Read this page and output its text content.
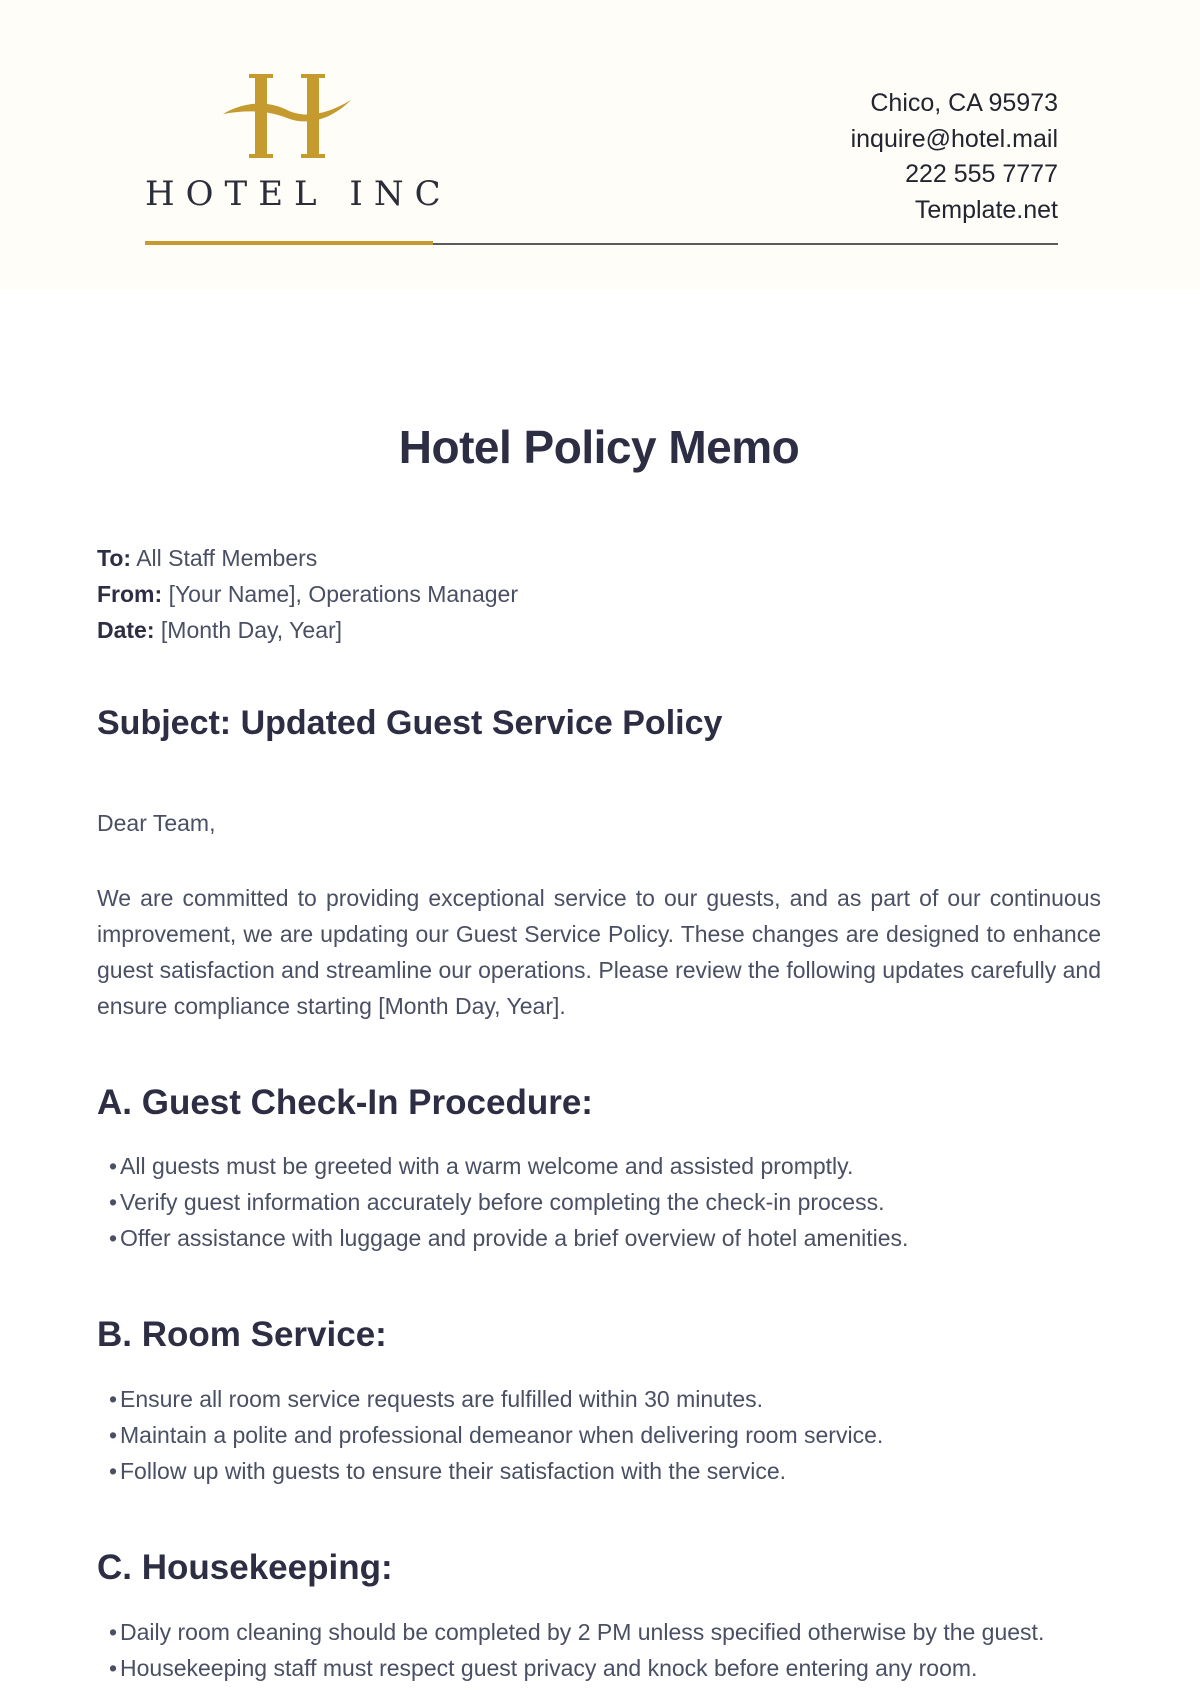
HOTEL INC
Chico, CA 95973
inquire@hotel.mail
222 555 7777
Template.net
Hotel Policy Memo
To: All Staff Members
From: [Your Name], Operations Manager
Date: [Month Day, Year]
Subject: Updated Guest Service Policy
Dear Team,

We are committed to providing exceptional service to our guests, and as part of our continuous improvement, we are updating our Guest Service Policy. These changes are designed to enhance guest satisfaction and streamline our operations. Please review the following updates carefully and ensure compliance starting [Month Day, Year].

A. Guest Check-In Procedure:
• All guests must be greeted with a warm welcome and assisted promptly.
• Verify guest information accurately before completing the check-in process.
• Offer assistance with luggage and provide a brief overview of hotel amenities.
B. Room Service:
• Ensure all room service requests are fulfilled within 30 minutes.
• Maintain a polite and professional demeanor when delivering room service.
• Follow up with guests to ensure their satisfaction with the service.
C. Housekeeping:
• Daily room cleaning should be completed by 2 PM unless specified otherwise by the guest.
• Housekeeping staff must respect guest privacy and knock before entering any room.
